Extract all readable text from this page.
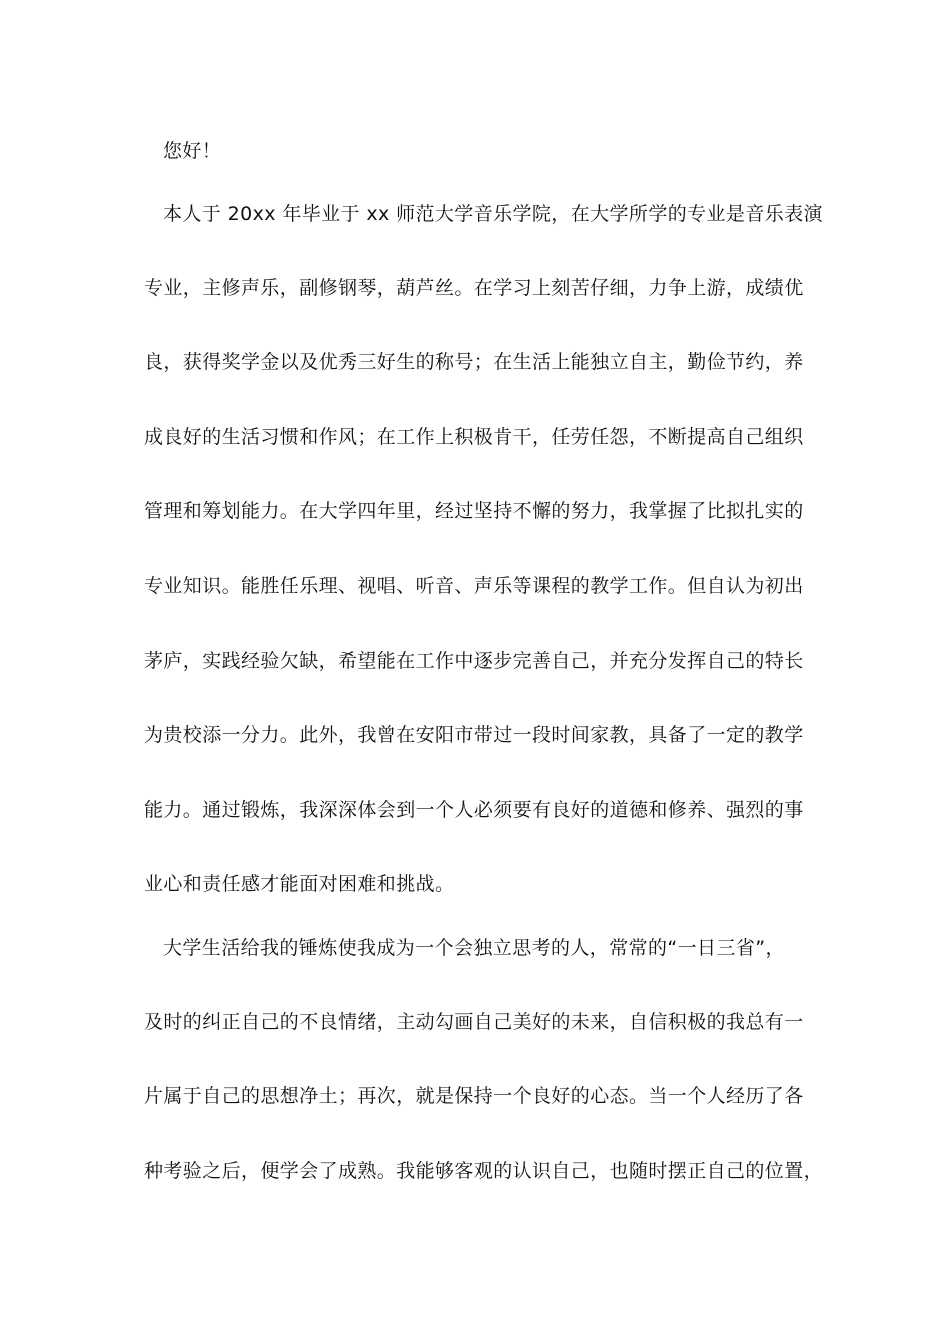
您好！
本人于 20xx 年毕业于 xx 师范大学音乐学院，在大学所学的专业是音乐表演
专业，主修声乐，副修钢琴，葫芦丝。在学习上刻苦仔细，力争上游，成绩优
良，获得奖学金以及优秀三好生的称号；在生活上能独立自主，勤俭节约，养
成良好的生活习惯和作风；在工作上积极肯干，任劳任怨，不断提高自己组织
管理和筹划能力。在大学四年里，经过坚持不懈的努力，我掌握了比拟扎实的
专业知识。能胜任乐理、视唱、听音、声乐等课程的教学工作。但自认为初出
茅庐，实践经验欠缺，希望能在工作中逐步完善自己，并充分发挥自己的特长
为贵校添一分力。此外，我曾在安阳市带过一段时间家教，具备了一定的教学
能力。通过锻炼，我深深体会到一个人必须要有良好的道德和修养、强烈的事
业心和责任感才能面对困难和挑战。
大学生活给我的锤炼使我成为一个会独立思考的人，常常的“一日三省”，
及时的纠正自己的不良情绪，主动勾画自己美好的未来，自信积极的我总有一
片属于自己的思想净土；再次，就是保持一个良好的心态。当一个人经历了各
种考验之后，便学会了成熟。我能够客观的认识自己，也随时摆正自己的位置，
